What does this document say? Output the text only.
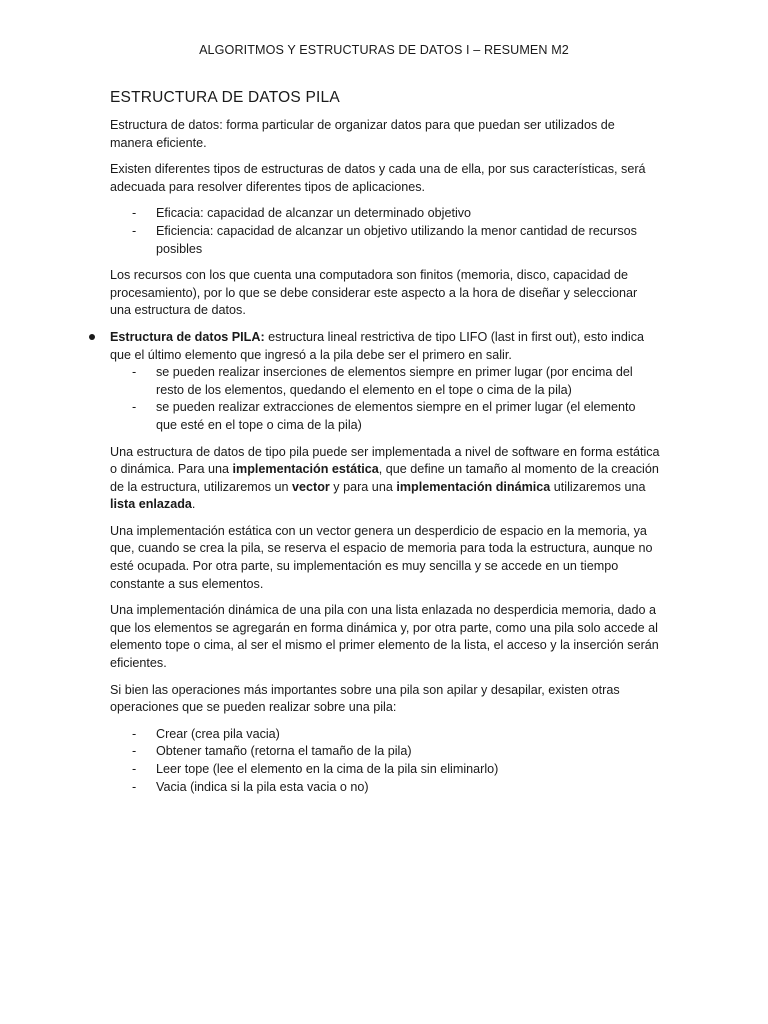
ALGORITMOS Y ESTRUCTURAS DE DATOS I – RESUMEN M2
ESTRUCTURA DE DATOS PILA

Estructura de datos: forma particular de organizar datos para que puedan ser utilizados de manera eficiente.

Existen diferentes tipos de estructuras de datos y cada una de ella, por sus características, será adecuada para resolver diferentes tipos de aplicaciones.

- Eficacia: capacidad de alcanzar un determinado objetivo
- Eficiencia: capacidad de alcanzar un objetivo utilizando la menor cantidad de recursos posibles

Los recursos con los que cuenta una computadora son finitos (memoria, disco, capacidad de procesamiento), por lo que se debe considerar este aspecto a la hora de diseñar y seleccionar una estructura de datos.

Estructura de datos PILA: estructura lineal restrictiva de tipo LIFO (last in first out), esto indica que el último elemento que ingresó a la pila debe ser el primero en salir.

- se pueden realizar inserciones de elementos siempre en primer lugar (por encima del resto de los elementos, quedando el elemento en el tope o cima de la pila)
- se pueden realizar extracciones de elementos siempre en el primer lugar (el elemento que esté en el tope o cima de la pila)

Una estructura de datos de tipo pila puede ser implementada a nivel de software en forma estática o dinámica. Para una implementación estática, que define un tamaño al momento de la creación de la estructura, utilizaremos un vector y para una implementación dinámica utilizaremos una lista enlazada.

Una implementación estática con un vector genera un desperdicio de espacio en la memoria, ya que, cuando se crea la pila, se reserva el espacio de memoria para toda la estructura, aunque no esté ocupada. Por otra parte, su implementación es muy sencilla y se accede en un tiempo constante a sus elementos.

Una implementación dinámica de una pila con una lista enlazada no desperdicia memoria, dado a que los elementos se agregarán en forma dinámica y, por otra parte, como una pila solo accede al elemento tope o cima, al ser el mismo el primer elemento de la lista, el acceso y la inserción serán eficientes.

Si bien las operaciones más importantes sobre una pila son apilar y desapilar, existen otras operaciones que se pueden realizar sobre una pila:

- Crear (crea pila vacia)
- Obtener tamaño (retorna el tamaño de la pila)
- Leer tope (lee el elemento en la cima de la pila sin eliminarlo)
- Vacia (indica si la pila esta vacia o no)
